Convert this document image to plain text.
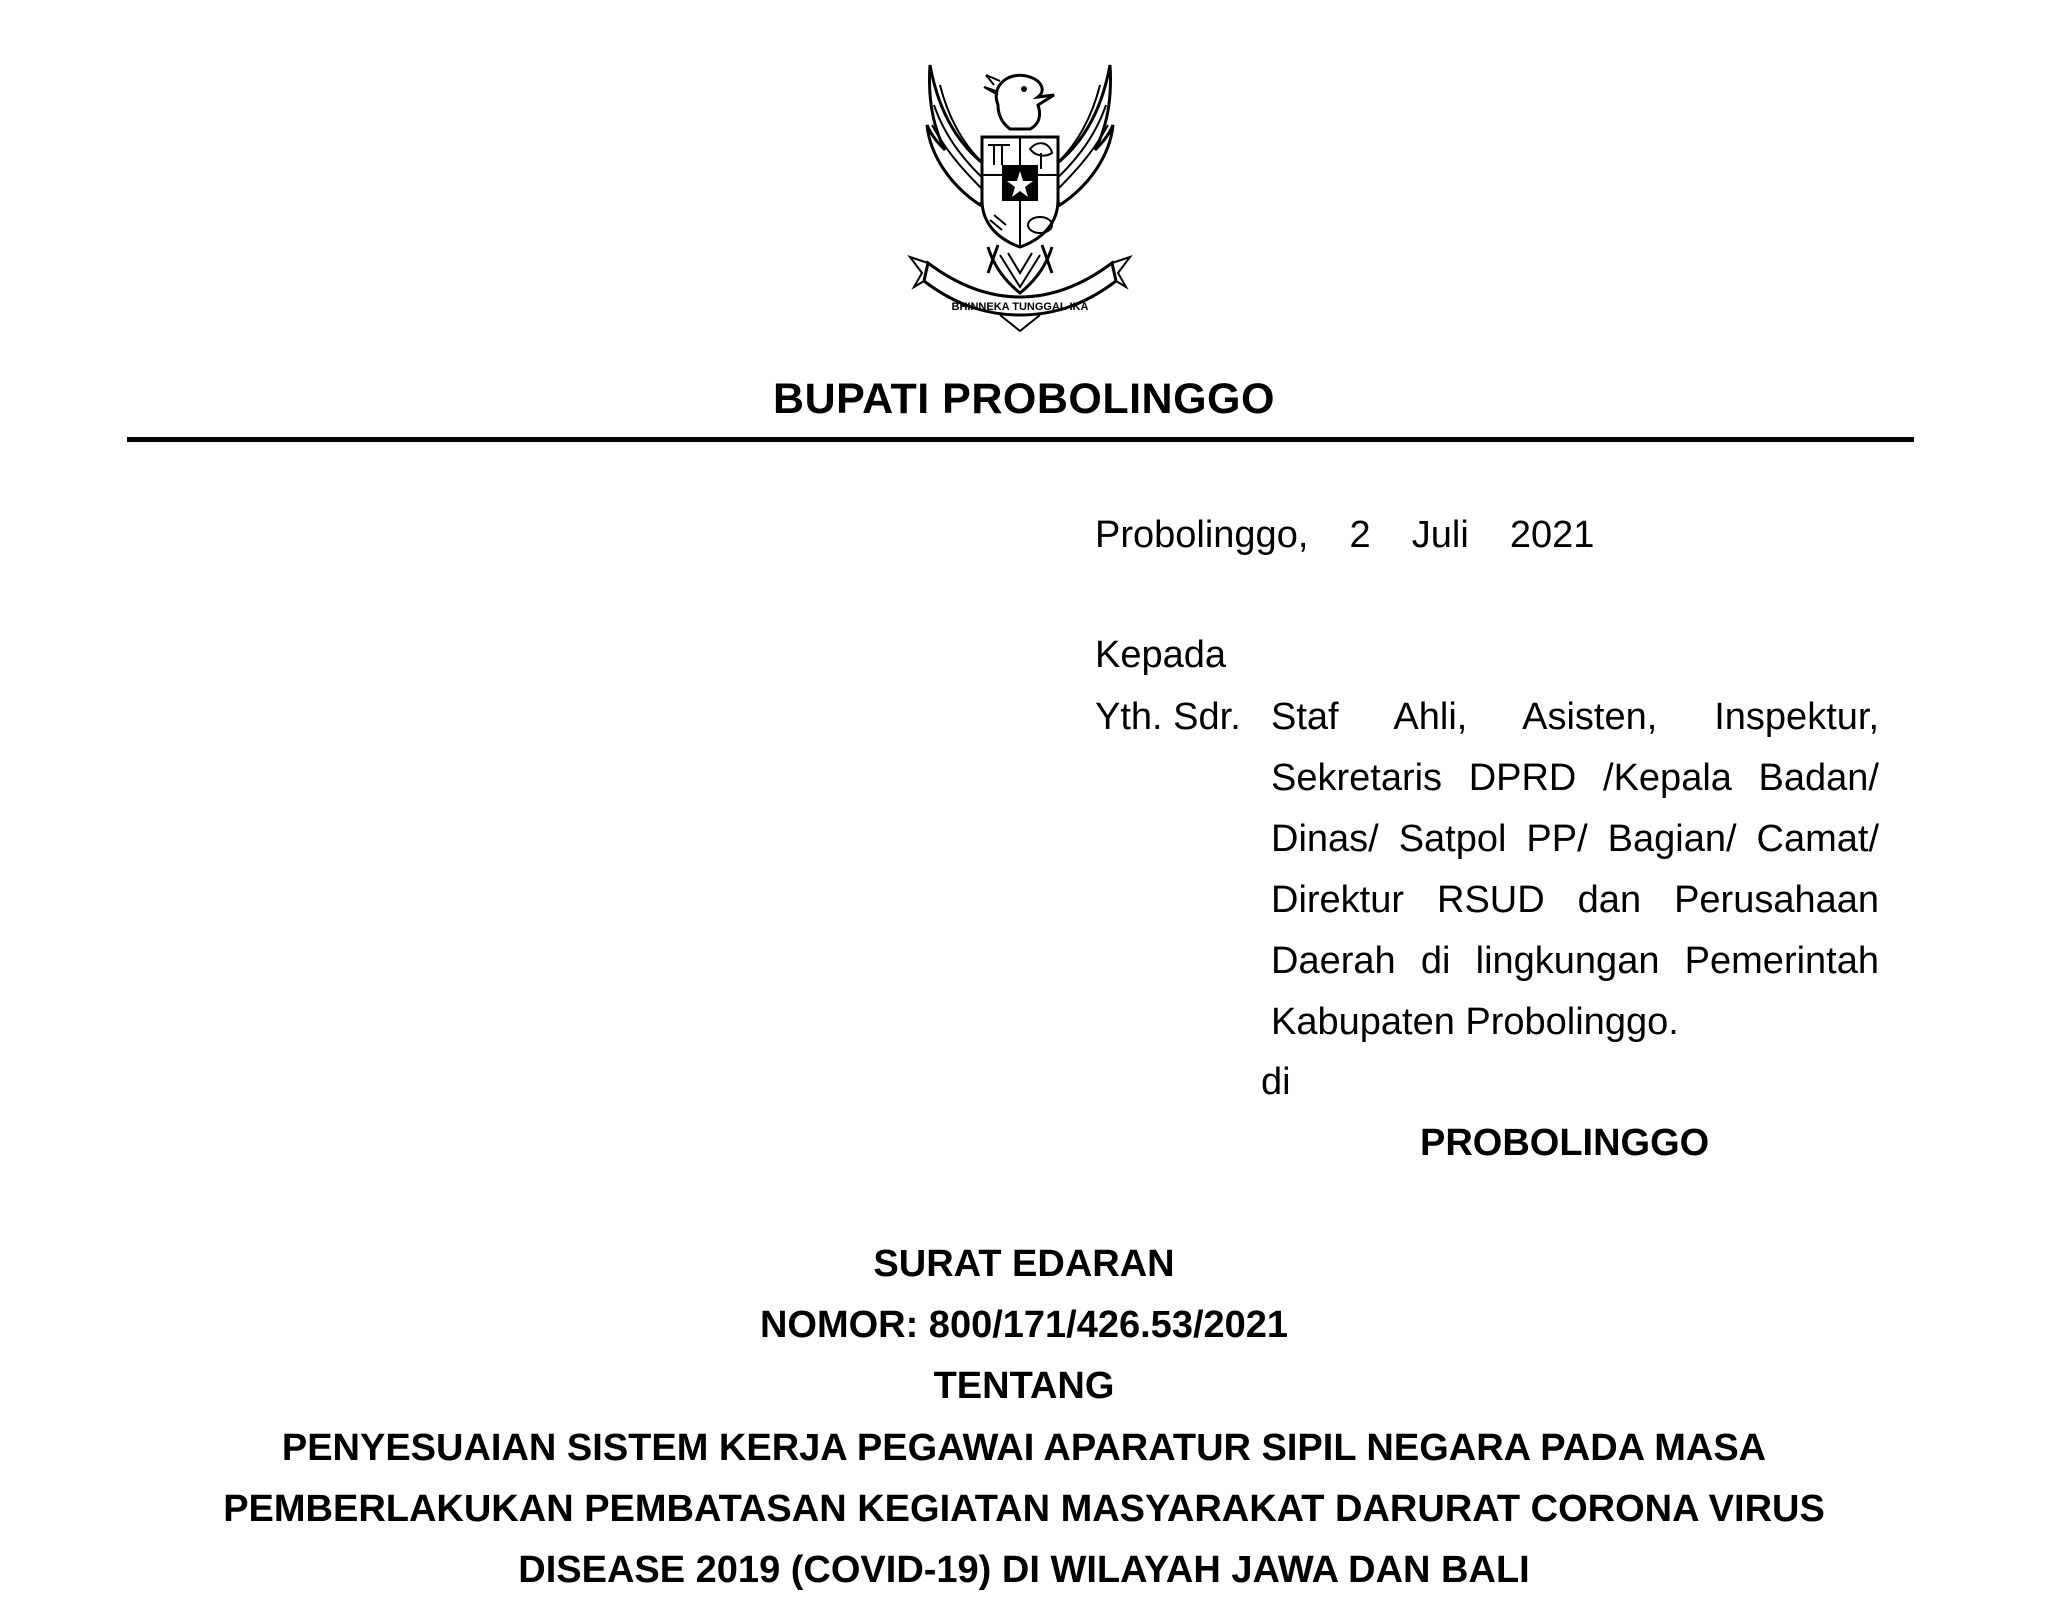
BHINNEKA TUNGGAL IKA
BUPATI PROBOLINGGO
Probolinggo,  2  Juli  2021
Kepada
Yth. Sdr. Staf Ahli, Asisten, Inspektur, Sekretaris DPRD /Kepala Badan/ Dinas/ Satpol PP/ Bagian/ Camat/ Direktur RSUD dan Perusahaan Daerah di lingkungan Pemerintah Kabupaten Probolinggo.
di
PROBOLINGGO
SURAT EDARAN
NOMOR: 800/171/426.53/2021
TENTANG
PENYESUAIAN SISTEM KERJA PEGAWAI APARATUR SIPIL NEGARA PADA MASA
PEMBERLAKUKAN PEMBATASAN KEGIATAN MASYARAKAT DARURAT CORONA VIRUS
DISEASE 2019 (COVID-19) DI WILAYAH JAWA DAN BALI
